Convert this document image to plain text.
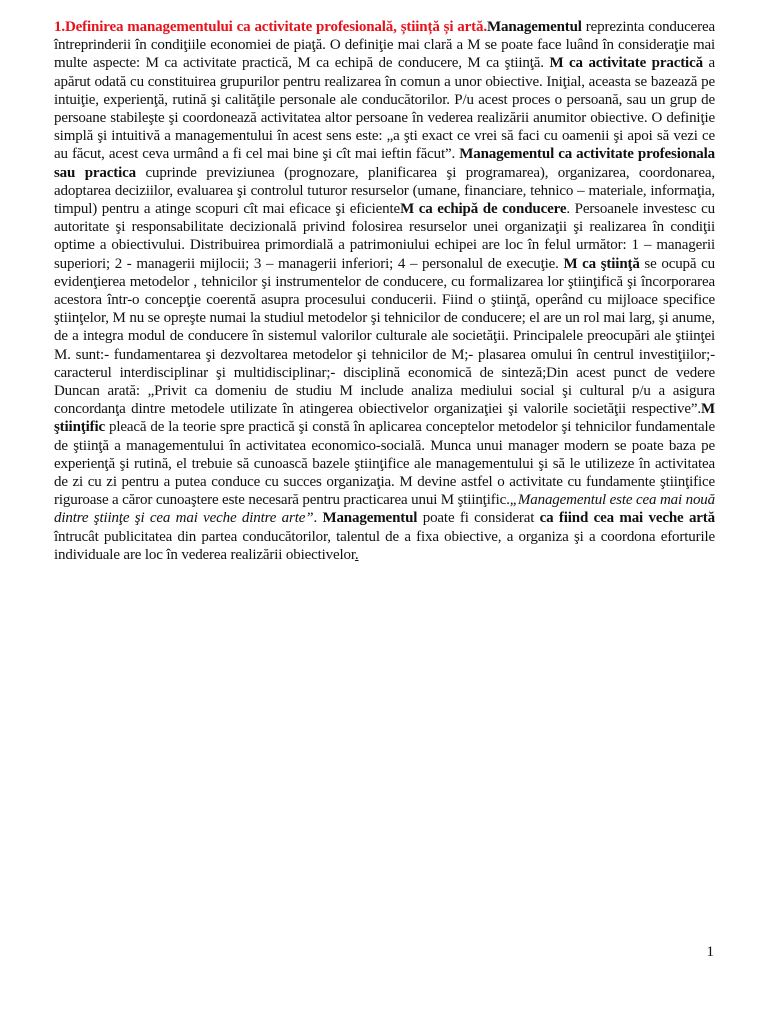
1.Definirea managementului ca activitate profesională, știință și artă.Managementul reprezinta conducerea întreprinderii în condiţiile economiei de piaţă. O definiţie mai clară a M se poate face luând în consideraţie mai multe aspecte: M ca activitate practică, M ca echipă de conducere, M ca ştiinţă. M ca activitate practică a apărut odată cu constituirea grupurilor pentru realizarea în comun a unor obiective. Iniţial, aceasta se bazează pe intuiţie, experienţă, rutină şi calităţile personale ale conducătorilor. P/u acest proces o persoană, sau un grup de persoane stabileşte şi coordonează activitatea altor persoane în vederea realizării anumitor obiective. O definiţie simplă şi intuitivă a managementului în acest sens este: „a şti exact ce vrei să faci cu oamenii şi apoi să vezi ce au făcut, acest ceva urmând a fi cel mai bine şi cît mai ieftin făcut”. Managementul ca activitate profesionala sau practica cuprinde previziunea (prognozare, planificarea şi programarea), organizarea, coordonarea, adoptarea deciziilor, evaluarea şi controlul tuturor resurselor (umane, financiare, tehnico – materiale, informaţia, timpul) pentru a atinge scopuri cît mai eficace şi eficienteM ca echipă de conducere. Persoanele investesc cu autoritate şi responsabilitate decizională privind folosirea resurselor unei organizaţii şi realizarea în condiţii optime a obiectivului. Distribuirea primordială a patrimoniului echipei are loc în felul următor: 1 – managerii superiori; 2 - managerii mijlocii; 3 – managerii inferiori; 4 – personalul de execuţie. M ca ştiinţă se ocupă cu evidenţierea metodelor , tehnicilor şi instrumentelor de conducere, cu formalizarea lor ştiinţifică şi încorporarea acestora într-o concepţie coerentă asupra procesului conducerii. Fiind o ştiinţă, operând cu mijloace specifice ştiinţelor, M nu se opreşte numai la studiul metodelor şi tehnicilor de conducere; el are un rol mai larg, şi anume, de a integra modul de conducere în sistemul valorilor culturale ale societăţii. Principalele preocupări ale ştiinţei M. sunt:- fundamentarea şi dezvoltarea metodelor şi tehnicilor de M;- plasarea omului în centrul investiţiilor;- caracterul interdisciplinar şi multidisciplinar;- disciplină economică de sinteză;Din acest punct de vedere Duncan arată: „Privit ca domeniu de studiu M include analiza mediului social şi cultural p/u a asigura concordanţa dintre metodele utilizate în atingerea obiectivelor organizaţiei şi valorile societăţii respective”.M ştiinţific pleacă de la teorie spre practică şi constă în aplicarea conceptelor metodelor şi tehnicilor fundamentale de ştiinţă a managementului în activitatea economico-socială. Munca unui manager modern se poate baza pe experienţă şi rutină, el trebuie să cunoască bazele ştiinţifice ale managementului şi să le utilizeze în activitatea de zi cu zi pentru a putea conduce cu succes organizaţia. M devine astfel o activitate cu fundamente ştiinţifice riguroase a căror cunoaştere este necesară pentru practicarea unui M ştiinţific.„Managementul este cea mai nouă dintre ştiinţe şi cea mai veche dintre arte”. Managementul poate fi considerat ca fiind cea mai veche artă întrucât publicitatea din partea conducătorilor, talentul de a fixa obiective, a organiza şi a coordona eforturile individuale are loc în vederea realizării obiectivelor.

1
